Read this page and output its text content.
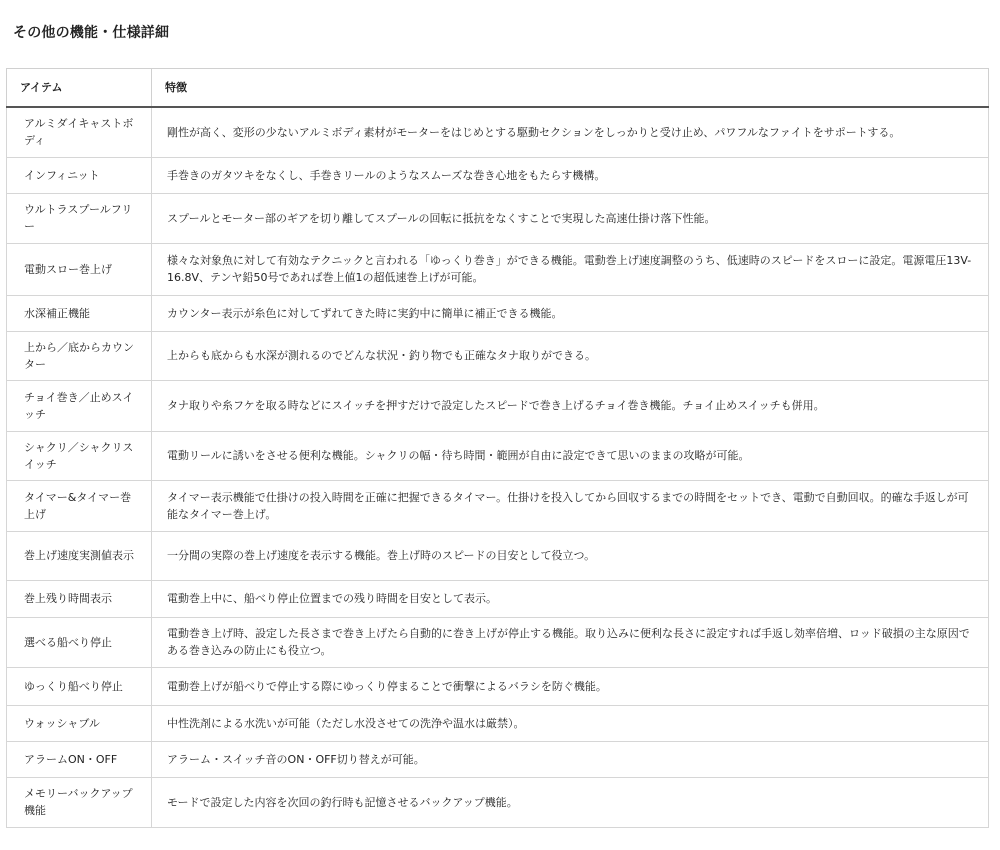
その他の機能・仕様詳細
アイテム	特徴
アルミダイキャストボディ	剛性が高く、変形の少ないアルミボディ素材がモーターをはじめとする駆動セクションをしっかりと受け止め、パワフルなファイトをサポートする。
インフィニット	手巻きのガタツキをなくし、手巻きリールのようなスムーズな巻き心地をもたらす機構。
ウルトラスプールフリー	スプールとモーター部のギアを切り離してスプールの回転に抵抗をなくすことで実現した高速仕掛け落下性能。
電動スロー巻上げ	様々な対象魚に対して有効なテクニックと言われる「ゆっくり巻き」ができる機能。電動巻上げ速度調整のうち、低速時のスピードをスローに設定。電源電圧13V-16.8V、テンヤ鉛50号であれば巻上値1の超低速巻上げが可能。
水深補正機能	カウンター表示が糸色に対してずれてきた時に実釣中に簡単に補正できる機能。
上から／底からカウンター	上からも底からも水深が測れるのでどんな状況・釣り物でも正確なタナ取りができる。
チョイ巻き／止めスイッチ	タナ取りや糸フケを取る時などにスイッチを押すだけで設定したスピードで巻き上げるチョイ巻き機能。チョイ止めスイッチも併用。
シャクリ／シャクリスイッチ	電動リールに誘いをさせる便利な機能。シャクリの幅・待ち時間・範囲が自由に設定できて思いのままの攻略が可能。
タイマー&タイマー巻上げ	タイマー表示機能で仕掛けの投入時間を正確に把握できるタイマー。仕掛けを投入してから回収するまでの時間をセットでき、電動で自動回収。的確な手返しが可能なタイマー巻上げ。
巻上げ速度実測値表示	一分間の実際の巻上げ速度を表示する機能。巻上げ時のスピードの目安として役立つ。
巻上残り時間表示	電動巻上中に、船べり停止位置までの残り時間を目安として表示。
選べる船べり停止	電動巻き上げ時、設定した長さまで巻き上げたら自動的に巻き上げが停止する機能。取り込みに便利な長さに設定すれば手返し効率倍増、ロッド破損の主な原因である巻き込みの防止にも役立つ。
ゆっくり船べり停止	電動巻上げが船べりで停止する際にゆっくり停まることで衝撃によるバラシを防ぐ機能。
ウォッシャブル	中性洗剤による水洗いが可能（ただし水没させての洗浄や温水は厳禁）。
アラームON・OFF	アラーム・スイッチ音のON・OFF切り替えが可能。
メモリーバックアップ機能	モードで設定した内容を次回の釣行時も記憶させるバックアップ機能。
